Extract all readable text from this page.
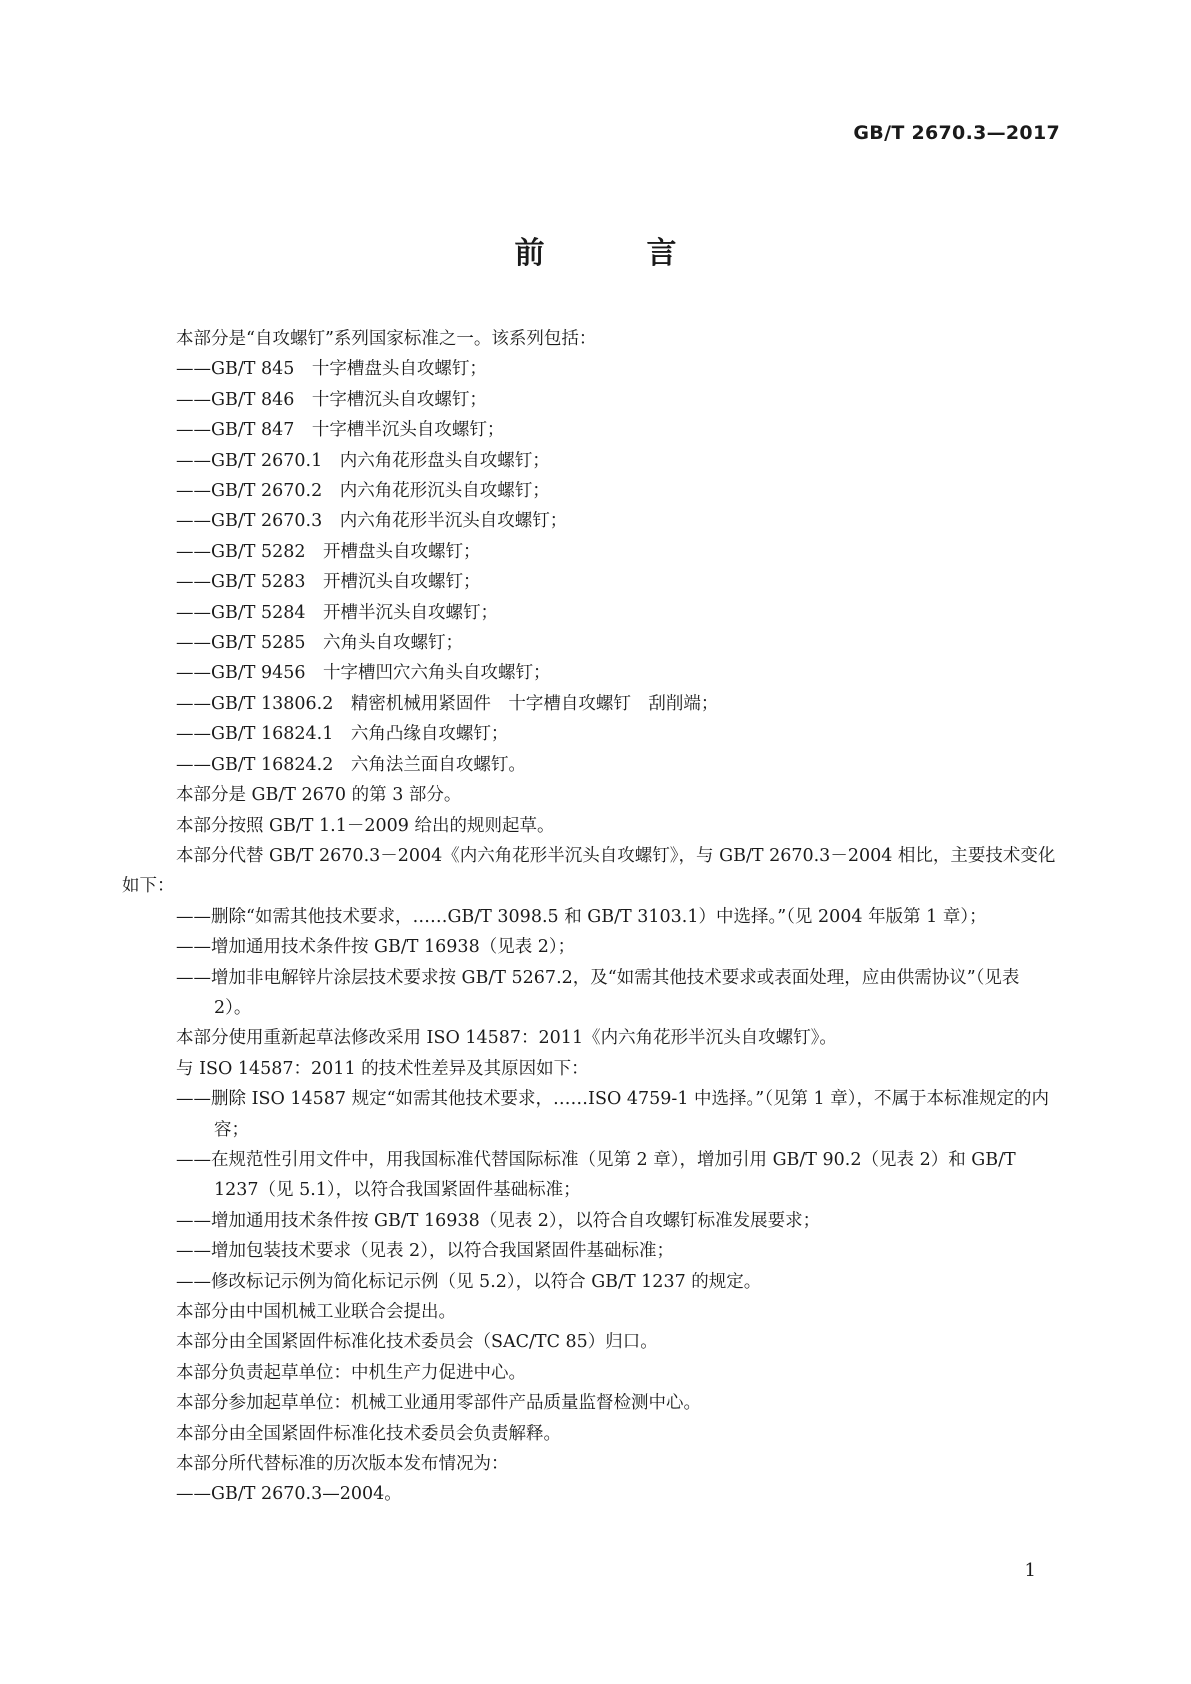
GB/T 2670.3—2017
前　言

本部分是“自攻螺钉”系列国家标准之一。该系列包括：

——GB/T 845　十字槽盘头自攻螺钉；

——GB/T 846　十字槽沉头自攻螺钉；

——GB/T 847　十字槽半沉头自攻螺钉；

——GB/T 2670.1　内六角花形盘头自攻螺钉；

——GB/T 2670.2　内六角花形沉头自攻螺钉；

——GB/T 2670.3　内六角花形半沉头自攻螺钉；

——GB/T 5282　开槽盘头自攻螺钉；

——GB/T 5283　开槽沉头自攻螺钉；

——GB/T 5284　开槽半沉头自攻螺钉；

——GB/T 5285　六角头自攻螺钉；

——GB/T 9456　十字槽凹穴六角头自攻螺钉；

——GB/T 13806.2　精密机械用紧固件　十字槽自攻螺钉　刮削端；

——GB/T 16824.1　六角凸缘自攻螺钉；

——GB/T 16824.2　六角法兰面自攻螺钉。

本部分是 GB/T 2670 的第 3 部分。

本部分按照 GB/T 1.1－2009 给出的规则起草。

本部分代替 GB/T 2670.3－2004《内六角花形半沉头自攻螺钉》，与 GB/T 2670.3－2004 相比，主要技术变化如下：

——删除“如需其他技术要求，……GB/T 3098.5 和 GB/T 3103.1）中选择。”（见 2004 年版第 1 章）；

——增加通用技术条件按 GB/T 16938（见表 2）；

——增加非电解锌片涂层技术要求按 GB/T 5267.2，及“如需其他技术要求或表面处理，应由供需协议”（见表 2）。

本部分使用重新起草法修改采用 ISO 14587：2011《内六角花形半沉头自攻螺钉》。

与 ISO 14587：2011 的技术性差异及其原因如下：

——删除 ISO 14587 规定“如需其他技术要求，……ISO 4759-1 中选择。”（见第 1 章），不属于本标准规定的内容；

——在规范性引用文件中，用我国标准代替国际标准（见第 2 章），增加引用 GB/T 90.2（见表 2）和 GB/T 1237（见 5.1），以符合我国紧固件基础标准；

——增加通用技术条件按 GB/T 16938（见表 2），以符合自攻螺钉标准发展要求；

——增加包装技术要求（见表 2），以符合我国紧固件基础标准；

——修改标记示例为简化标记示例（见 5.2），以符合 GB/T 1237 的规定。

本部分由中国机械工业联合会提出。

本部分由全国紧固件标准化技术委员会（SAC/TC 85）归口。

本部分负责起草单位：中机生产力促进中心。

本部分参加起草单位：机械工业通用零部件产品质量监督检测中心。

本部分由全国紧固件标准化技术委员会负责解释。

本部分所代替标准的历次版本发布情况为：

——GB/T 2670.3—2004。

1
